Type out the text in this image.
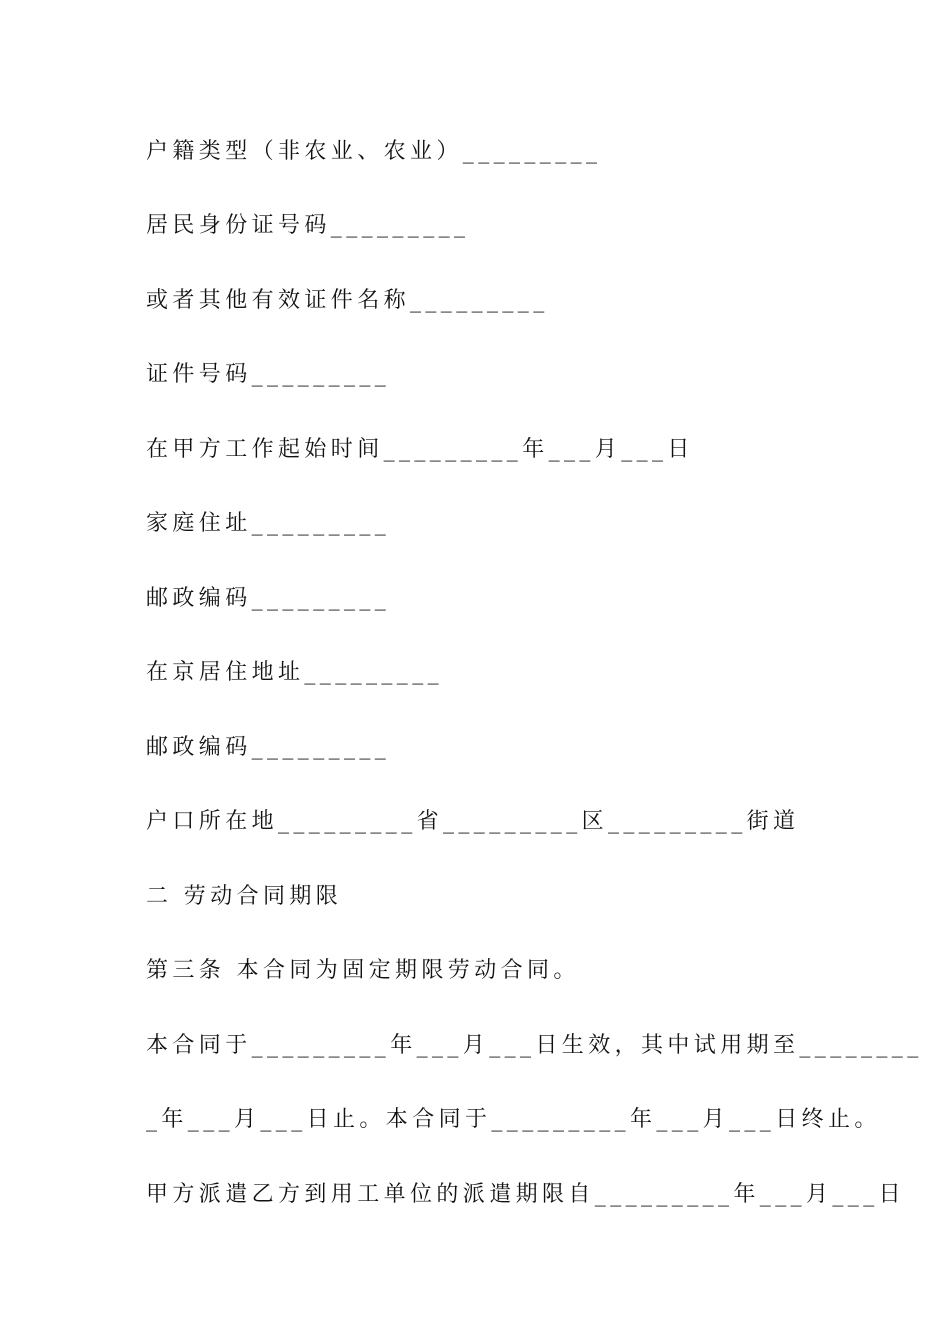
户籍类型（非农业、农业）_________
居民身份证号码_________
或者其他有效证件名称_________
证件号码_________
在甲方工作起始时间_________年___月___日
家庭住址_________
邮政编码_________
在京居住地址_________
邮政编码_________
户口所在地_________省_________区_________街道
二 劳动合同期限
第三条 本合同为固定期限劳动合同。
本合同于_________年___月___日生效，其中试用期至________
_年___月___日止。本合同于_________年___月___日终止。
甲方派遣乙方到用工单位的派遣期限自_________年___月___日
